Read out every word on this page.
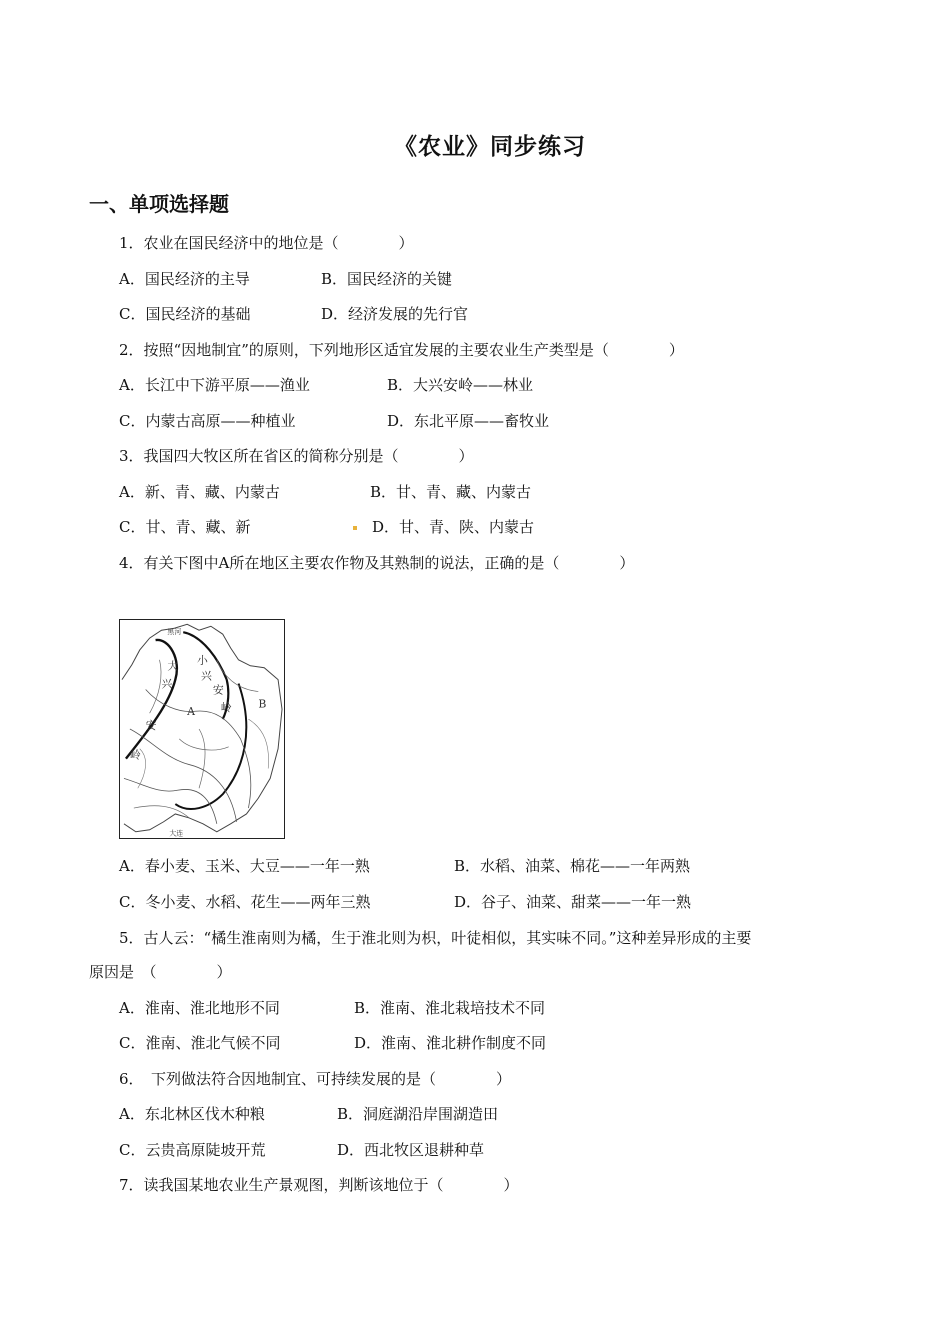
《农业》同步练习
一、单项选择题
1．农业在国民经济中的地位是（　　　　）
A．国民经济的主导	B．国民经济的关键
C．国民经济的基础	D．经济发展的先行官
2．按照“因地制宜”的原则，下列地形区适宜发展的主要农业生产类型是（　　　　）
A．长江中下游平原——渔业	B．大兴安岭——林业
C．内蒙古高原——种植业	D．东北平原——畜牧业
3．我国四大牧区所在省区的简称分别是（　　　　）
A．新、青、藏、内蒙古	B．甘、青、藏、内蒙古
C．甘、青、藏、新	D．甘、青、陕、内蒙古
4．有关下图中A所在地区主要农作物及其熟制的说法，正确的是（　　　　）
黑河
大 小
兴
兴
安
安
岭
岭
A
B
大连
A．春小麦、玉米、大豆——一年一熟	B．水稻、油菜、棉花——一年两熟
C．冬小麦、水稻、花生——两年三熟	D．谷子、油菜、甜菜——一年一熟
5．古人云：“橘生淮南则为橘，生于淮北则为枳，叶徒相似，其实味不同。”这种差异形成的主要
原因是　（　　　　）
A．淮南、淮北地形不同	B．淮南、淮北栽培技术不同
C．淮南、淮北气候不同	D．淮南、淮北耕作制度不同
6．　下列做法符合因地制宜、可持续发展的是（　　　　）
A．东北林区伐木种粮	B．洞庭湖沿岸围湖造田
C．云贵高原陡坡开荒	D．西北牧区退耕种草
7．读我国某地农业生产景观图，判断该地位于（　　　　）
